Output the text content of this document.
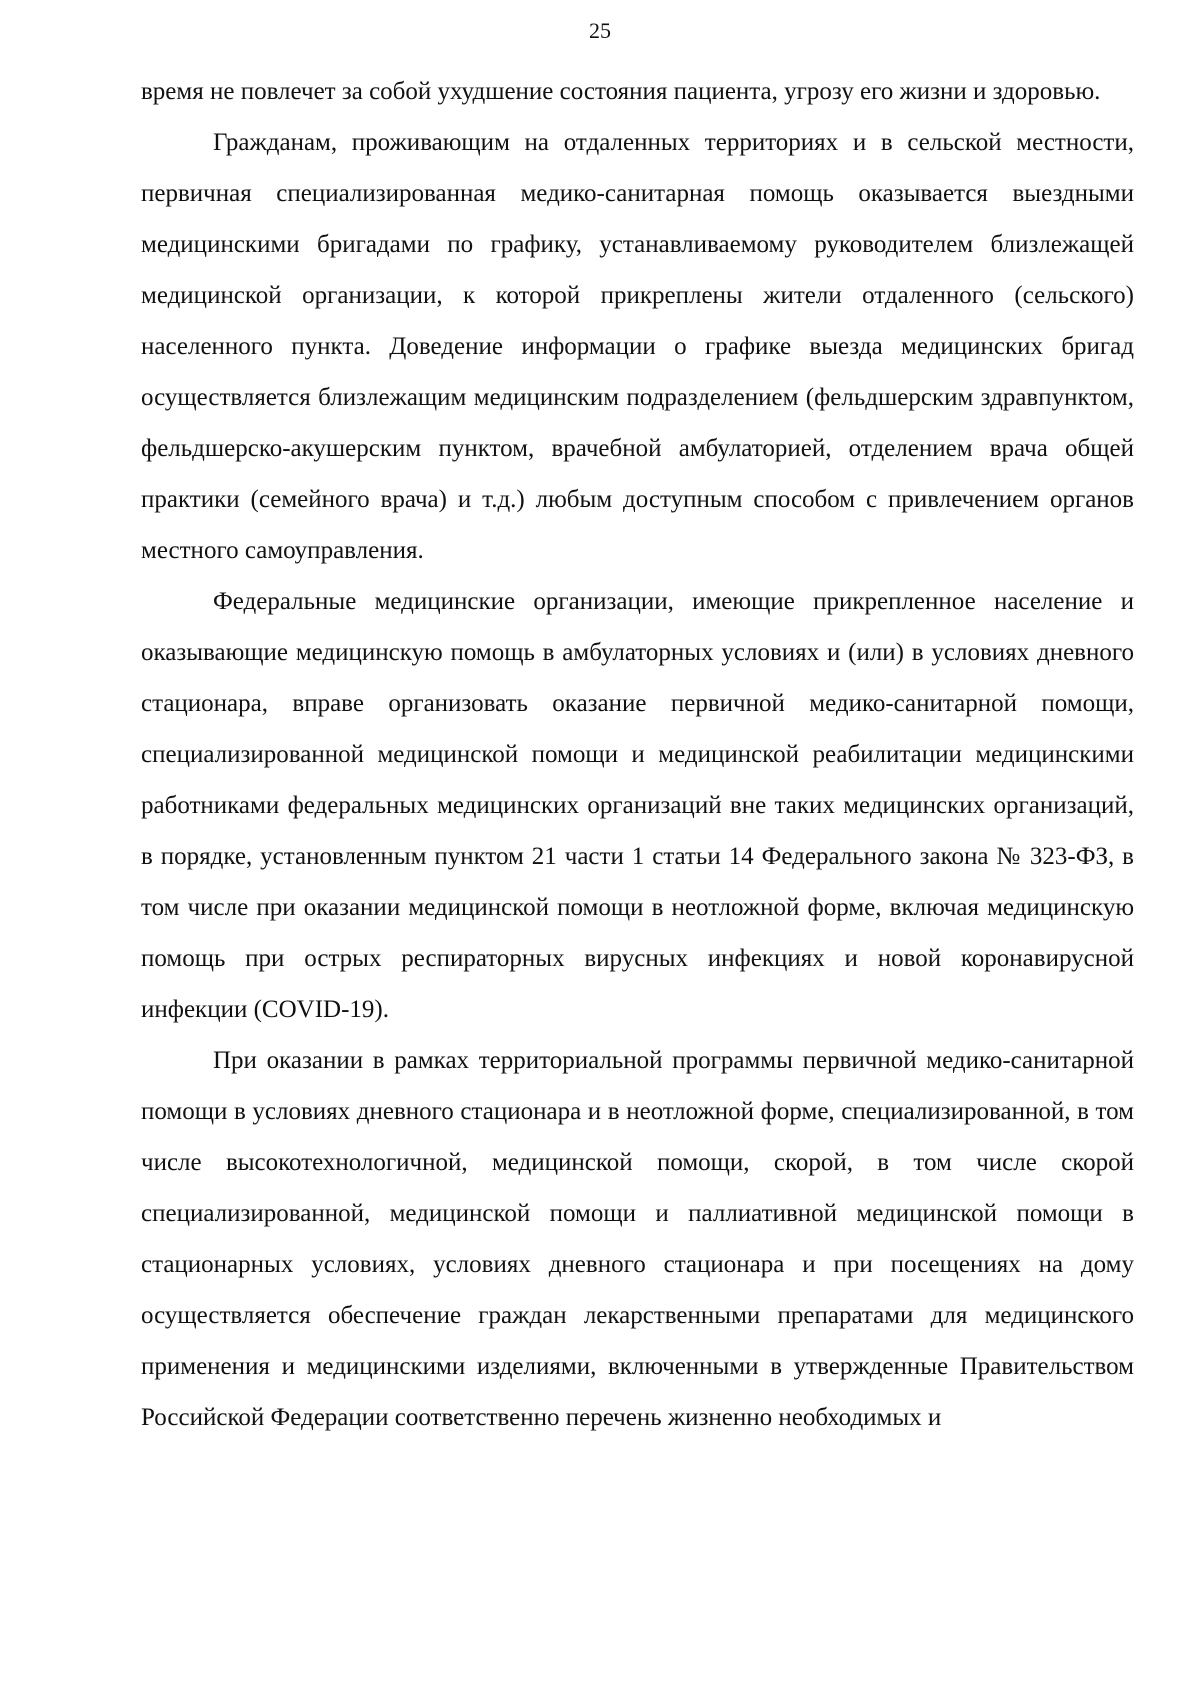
25

время не повлечет за собой ухудшение состояния пациента, угрозу его жизни и здоровью.

Гражданам, проживающим на отдаленных территориях и в сельской местности, первичная специализированная медико-санитарная помощь оказывается выездными медицинскими бригадами по графику, устанавливаемому руководителем близлежащей медицинской организации, к которой прикреплены жители отдаленного (сельского) населенного пункта. Доведение информации о графике выезда медицинских бригад осуществляется близлежащим медицинским подразделением (фельдшерским здравпунктом, фельдшерско-акушерским пунктом, врачебной амбулаторией, отделением врача общей практики (семейного врача) и т.д.) любым доступным способом с привлечением органов местного самоуправления.

Федеральные медицинские организации, имеющие прикрепленное население и оказывающие медицинскую помощь в амбулаторных условиях и (или) в условиях дневного стационара, вправе организовать оказание первичной медико-санитарной помощи, специализированной медицинской помощи и медицинской реабилитации медицинскими работниками федеральных медицинских организаций вне таких медицинских организаций, в порядке, установленным пунктом 21 части 1 статьи 14 Федерального закона № 323-ФЗ, в том числе при оказании медицинской помощи в неотложной форме, включая медицинскую помощь при острых респираторных вирусных инфекциях и новой коронавирусной инфекции (COVID-19).

При оказании в рамках территориальной программы первичной медико-санитарной помощи в условиях дневного стационара и в неотложной форме, специализированной, в том числе высокотехнологичной, медицинской помощи, скорой, в том числе скорой специализированной, медицинской помощи и паллиативной медицинской помощи в стационарных условиях, условиях дневного стационара и при посещениях на дому осуществляется обеспечение граждан лекарственными препаратами для медицинского применения и медицинскими изделиями, включенными в утвержденные Правительством Российской Федерации соответственно перечень жизненно необходимых и
